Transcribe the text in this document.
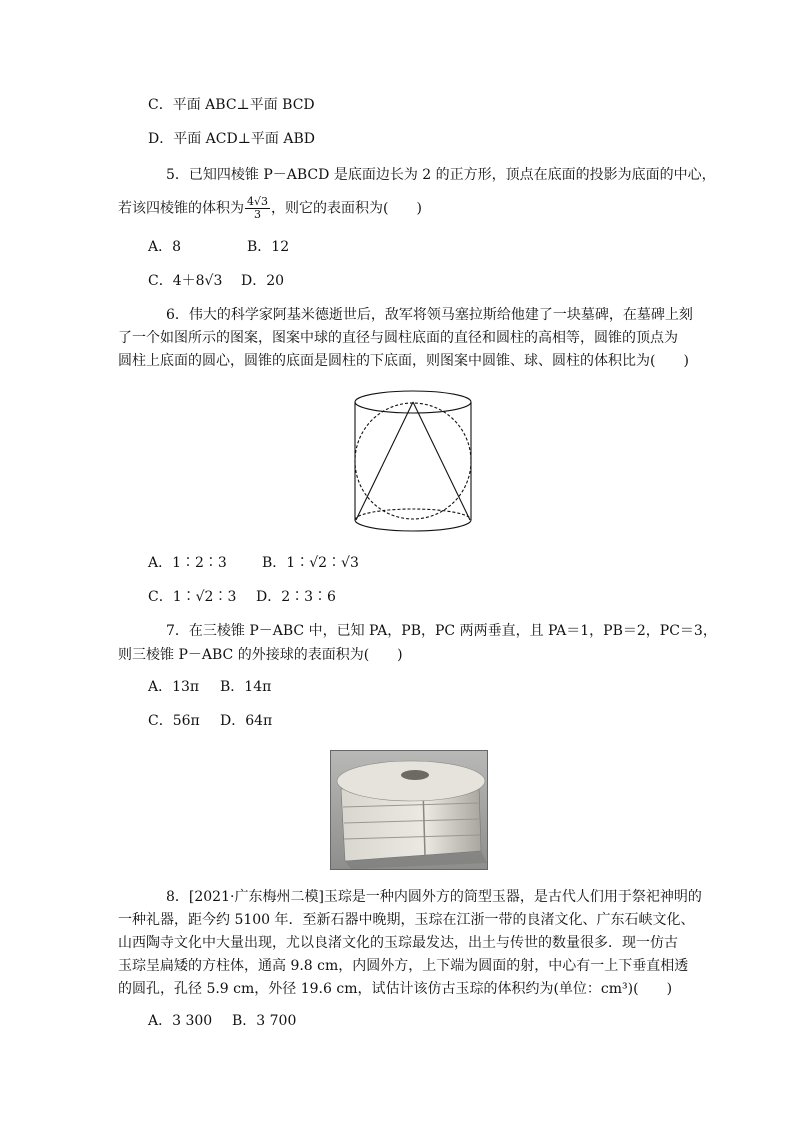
C．平面 ABC⊥平面 BCD
D．平面 ACD⊥平面 ABD
5．已知四棱锥 P－ABCD 是底面边长为 2 的正方形，顶点在底面的投影为底面的中心，
若该四棱锥的体积为 $\frac{4√3}{3}$ ，则它的表面积为(　　)
A．8	B．12
C．4＋8√3 D．20
6．伟大的科学家阿基米德逝世后，敌军将领马塞拉斯给他建了一块墓碑，在墓碑上刻
了一个如图所示的图案，图案中球的直径与圆柱底面的直径和圆柱的高相等，圆锥的顶点为
圆柱上底面的圆心，圆锥的底面是圆柱的下底面，则图案中圆锥、球、圆柱的体积比为(　　)
A．1∶2∶3	B．1∶√2∶√3
C．1∶√2∶3 D．2∶3∶6
7．在三棱锥 P－ABC 中，已知 PA，PB，PC 两两垂直，且 PA＝1，PB＝2，PC＝3，
则三棱锥 P－ABC 的外接球的表面积为(　　)
A．13π B．14π
C．56π D．64π
8．[2021·广东梅州二模]玉琮是一种内圆外方的筒型玉器，是古代人们用于祭祀神明的
一种礼器，距今约 5100 年．至新石器中晚期，玉琮在江浙一带的良渚文化、广东石峡文化、
山西陶寺文化中大量出现，尤以良渚文化的玉琮最发达，出土与传世的数量很多．现一仿古
玉琮呈扁矮的方柱体，通高 9.8 cm，内圆外方，上下端为圆面的射，中心有一上下垂直相透
的圆孔，孔径 5.9 cm，外径 19.6 cm，试估计该仿古玉琮的体积约为(单位：cm³)(　　)
A．3 300 B．3 700
